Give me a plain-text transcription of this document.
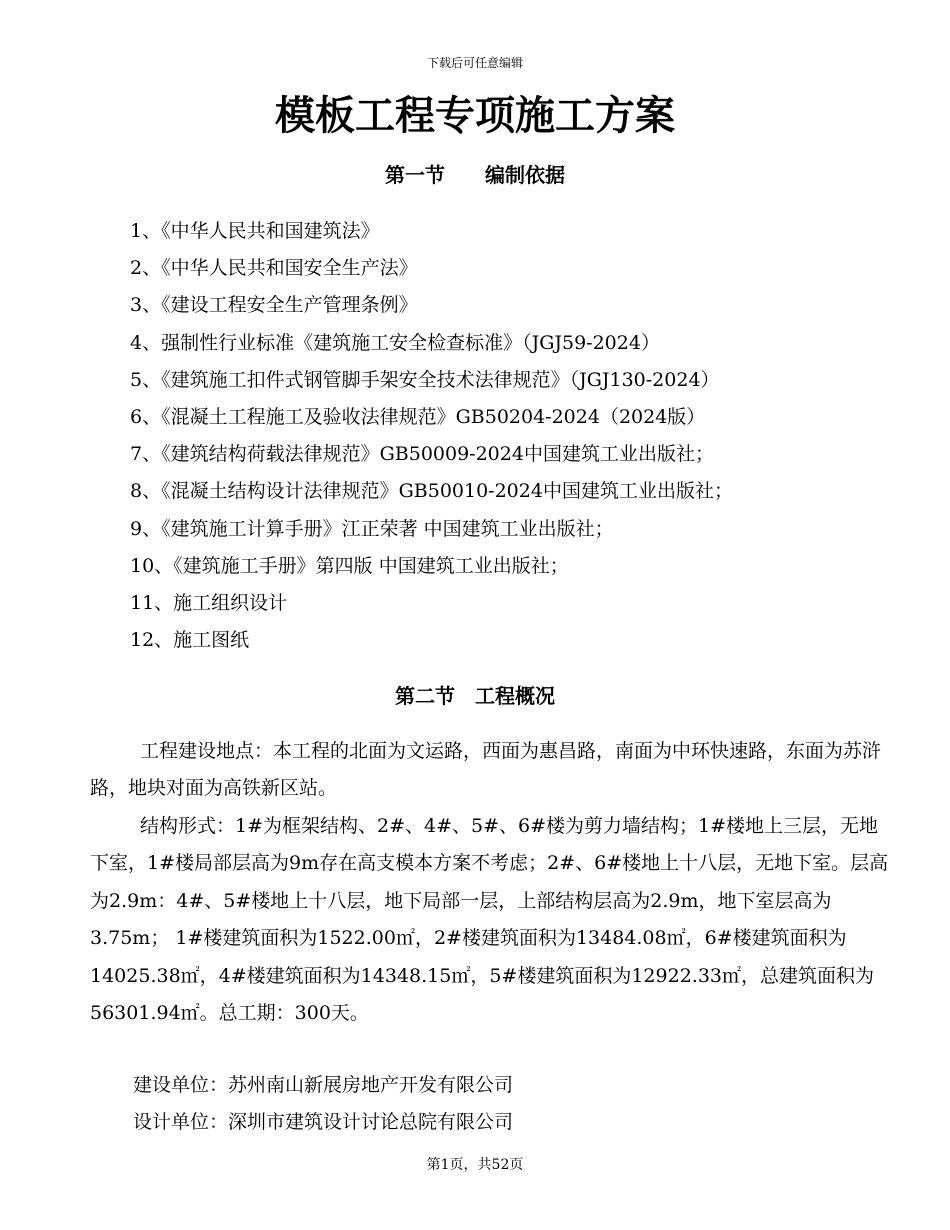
下载后可任意编辑
模板工程专项施工方案
第一节　　编制依据
1、《中华人民共和国建筑法》
2、《中华人民共和国安全生产法》
3、《建设工程安全生产管理条例》
4、强制性行业标准《建筑施工安全检查标准》（JGJ59-2024）
5、《建筑施工扣件式钢管脚手架安全技术法律规范》（JGJ130-2024）
6、《混凝土工程施工及验收法律规范》GB50204-2024（2024版）
7、《建筑结构荷载法律规范》GB50009-2024中国建筑工业出版社；
8、《混凝土结构设计法律规范》GB50010-2024中国建筑工业出版社；
9、《建筑施工计算手册》江正荣著 中国建筑工业出版社；
10、《建筑施工手册》第四版 中国建筑工业出版社；
11、施工组织设计
12、施工图纸
第二节　工程概况

工程建设地点：本工程的北面为文运路，西面为惠昌路，南面为中环快速路，东面为苏浒路，地块对面为高铁新区站。

结构形式：1#为框架结构、2#、4#、5#、6#楼为剪力墙结构；1#楼地上三层，无地下室，1#楼局部层高为9m存在高支模本方案不考虑；2#、6#楼地上十八层，无地下室。层高为2.9m：4#、5#楼地上十八层，地下局部一层，上部结构层高为2.9m，地下室层高为3.75m； 1#楼建筑面积为1522.00㎡，2#楼建筑面积为13484.08㎡，6#楼建筑面积为14025.38㎡，4#楼建筑面积为14348.15㎡，5#楼建筑面积为12922.33㎡，总建筑面积为56301.94㎡。总工期：300天。

建设单位：苏州南山新展房地产开发有限公司
设计单位：深圳市建筑设计讨论总院有限公司
第1页，共52页
